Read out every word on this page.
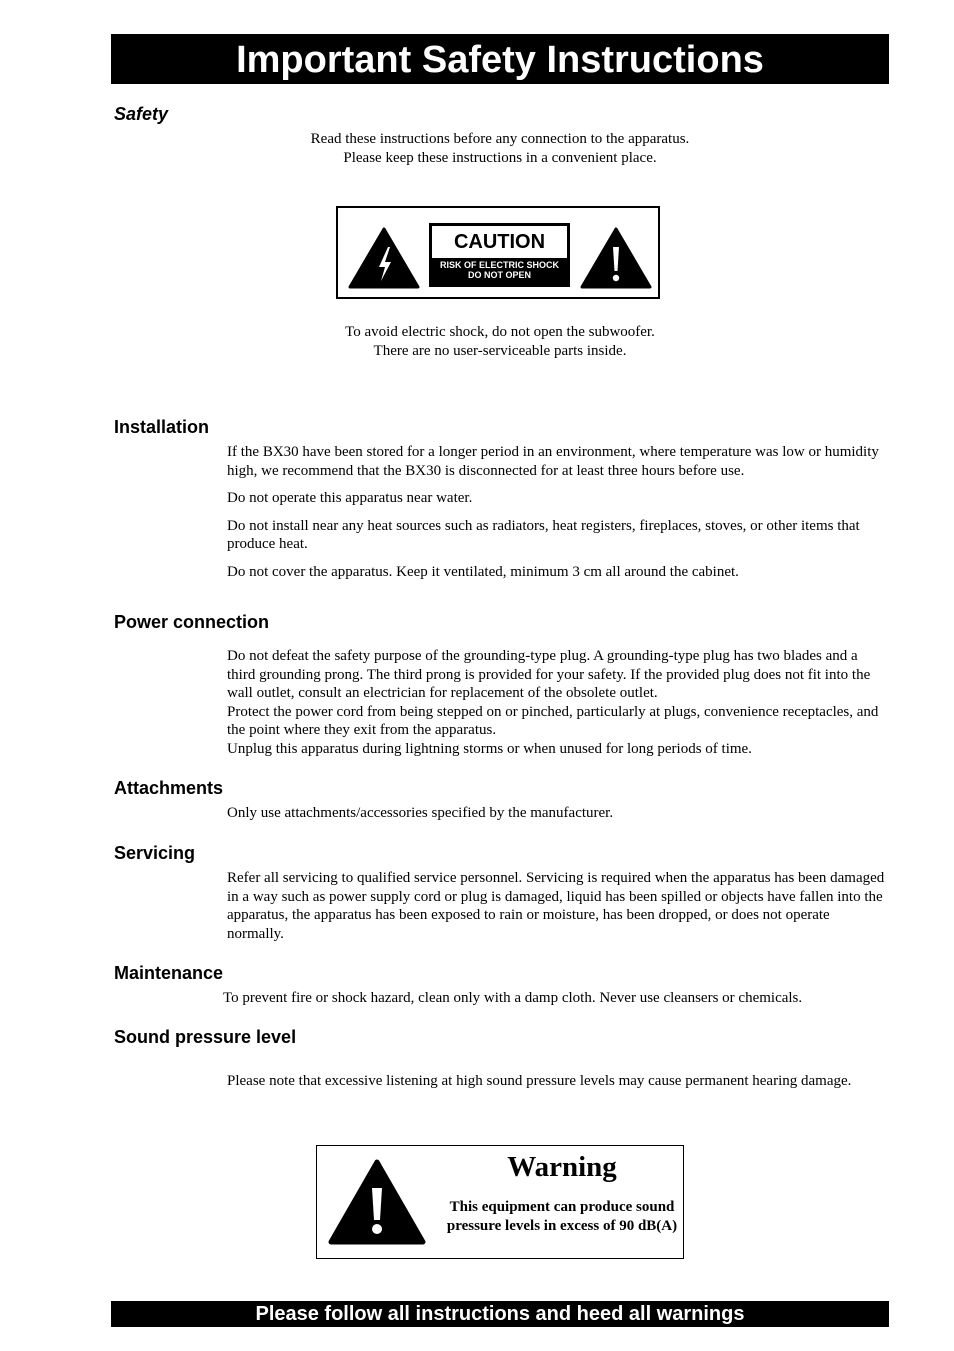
Important Safety Instructions
Safety
Read these instructions before any connection to the apparatus.
Please keep these instructions in a convenient place.
CAUTION
RISK OF ELECTRIC SHOCK
DO NOT OPEN
To avoid electric shock, do not open the subwoofer.
There are no user-serviceable parts inside.
Installation

If the BX30 have been stored for a longer period in an environment, where temperature was low or humidity high, we recommend that the BX30 is disconnected for at least three hours before use.

Do not operate this apparatus near water.

Do not install near any heat sources such as radiators, heat registers, fireplaces, stoves, or other items that produce heat.

Do not cover the apparatus. Keep it ventilated, minimum 3 cm all around the cabinet.

Power connection

Do not defeat the safety purpose of the grounding-type plug. A grounding-type plug has two blades and a third grounding prong. The third prong is provided for your safety. If the provided plug does not fit into the wall outlet, consult an electrician for replacement of the obsolete outlet.

Protect the power cord from being stepped on or pinched, particularly at plugs, convenience receptacles, and the point where they exit from the apparatus.

Unplug this apparatus during lightning storms or when unused for long periods of time.

Attachments

Only use attachments/accessories specified by the manufacturer.

Servicing

Refer all servicing to qualified service personnel. Servicing is required when the apparatus has been damaged in a way such as power supply cord or plug is damaged, liquid has been spilled or objects have fallen into the apparatus, the apparatus has been exposed to rain or moisture, has been dropped, or does not operate normally.

Maintenance

To prevent fire or shock hazard, clean only with a damp cloth. Never use cleansers or chemicals.

Sound pressure level

Please note that excessive listening at high sound pressure levels may cause permanent hearing damage.

Warning
This equipment can produce sound pressure levels in excess of 90 dB(A)
Please follow all instructions and heed all warnings
